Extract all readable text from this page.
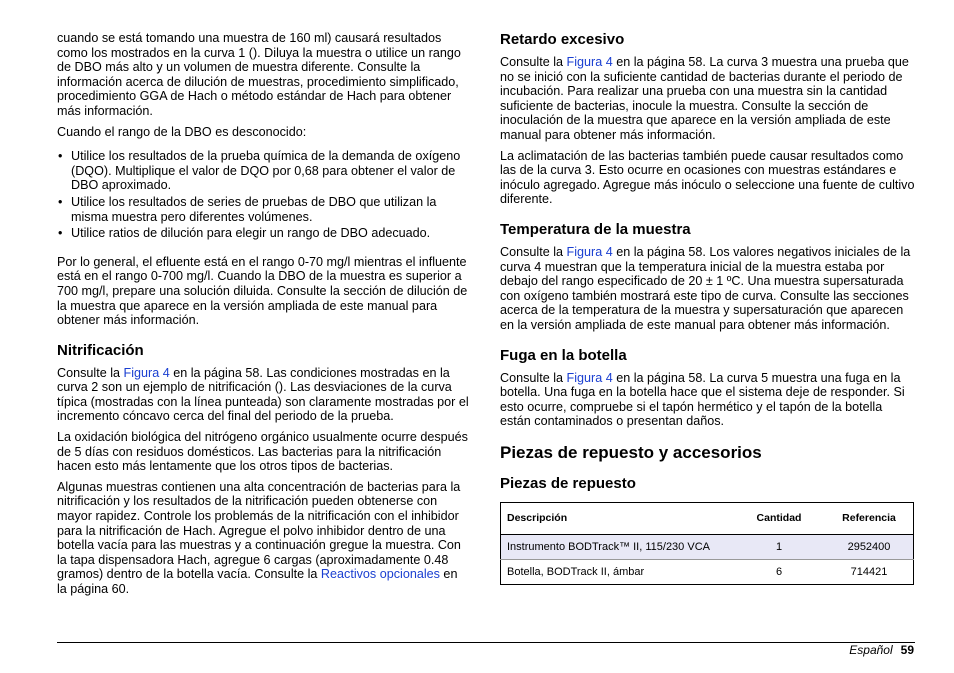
cuando se está tomando una muestra de 160 ml) causará resultados como los mostrados en la curva 1 (). Diluya la muestra o utilice un rango de DBO más alto y un volumen de muestra diferente. Consulte la información acerca de dilución de muestras, procedimiento simplificado, procedimiento GGA de Hach o método estándar de Hach para obtener más información.

Cuando el rango de la DBO es desconocido:

• Utilice los resultados de la prueba química de la demanda de oxígeno (DQO). Multiplique el valor de DQO por 0,68 para obtener el valor de DBO aproximado.
• Utilice los resultados de series de pruebas de DBO que utilizan la misma muestra pero diferentes volúmenes.
• Utilice ratios de dilución para elegir un rango de DBO adecuado.

Por lo general, el efluente está en el rango 0-70 mg/l mientras el influente está en el rango 0-700 mg/l. Cuando la DBO de la muestra es superior a 700 mg/l, prepare una solución diluida. Consulte la sección de dilución de la muestra que aparece en la versión ampliada de este manual para obtener más información.

Nitrificación

Consulte la Figura 4 en la página 58. Las condiciones mostradas en la curva 2 son un ejemplo de nitrificación (). Las desviaciones de la curva típica (mostradas con la línea punteada) son claramente mostradas por el incremento cóncavo cerca del final del periodo de la prueba.

La oxidación biológica del nitrógeno orgánico usualmente ocurre después de 5 días con residuos domésticos. Las bacterias para la nitrificación hacen esto más lentamente que los otros tipos de bacterias.

Algunas muestras contienen una alta concentración de bacterias para la nitrificación y los resultados de la nitrificación pueden obtenerse con mayor rapidez. Controle los problemás de la nitrificación con el inhibidor para la nitrificación de Hach. Agregue el polvo inhibidor dentro de una botella vacía para las muestras y a continuación gregue la muestra. Con la tapa dispensadora Hach, agregue 6 cargas (aproximadamente 0.48 gramos) dentro de la botella vacía. Consulte la Reactivos opcionales en la página 60.

Retardo excesivo

Consulte la Figura 4 en la página 58. La curva 3 muestra una prueba que no se inició con la suficiente cantidad de bacterias durante el periodo de incubación. Para realizar una prueba con una muestra sin la cantidad suficiente de bacterias, inocule la muestra. Consulte la sección de inoculación de la muestra que aparece en la versión ampliada de este manual para obtener más información.

La aclimatación de las bacterias también puede causar resultados como las de la curva 3. Esto ocurre en ocasiones con muestras estándares e inóculo agregado. Agregue más inóculo o seleccione una fuente de cultivo diferente.

Temperatura de la muestra

Consulte la Figura 4 en la página 58. Los valores negativos iniciales de la curva 4 muestran que la temperatura inicial de la muestra estaba por debajo del rango especificado de 20 ± 1 ºC. Una muestra supersaturada con oxígeno también mostrará este tipo de curva. Consulte las secciones acerca de la temperatura de la muestra y supersaturación que aparecen en la versión ampliada de este manual para obtener más información.

Fuga en la botella

Consulte la Figura 4 en la página 58. La curva 5 muestra una fuga en la botella. Una fuga en la botella hace que el sistema deje de responder. Si esto ocurre, compruebe si el tapón hermético y el tapón de la botella están contaminados o presentan daños.

Piezas de repuesto y accesorios
Piezas de repuesto
Descripción	Cantidad	Referencia
Instrumento BODTrack™ II, 115/230 VCA	1	2952400
Botella, BODTrack II, ámbar	6	714421
Español 59
